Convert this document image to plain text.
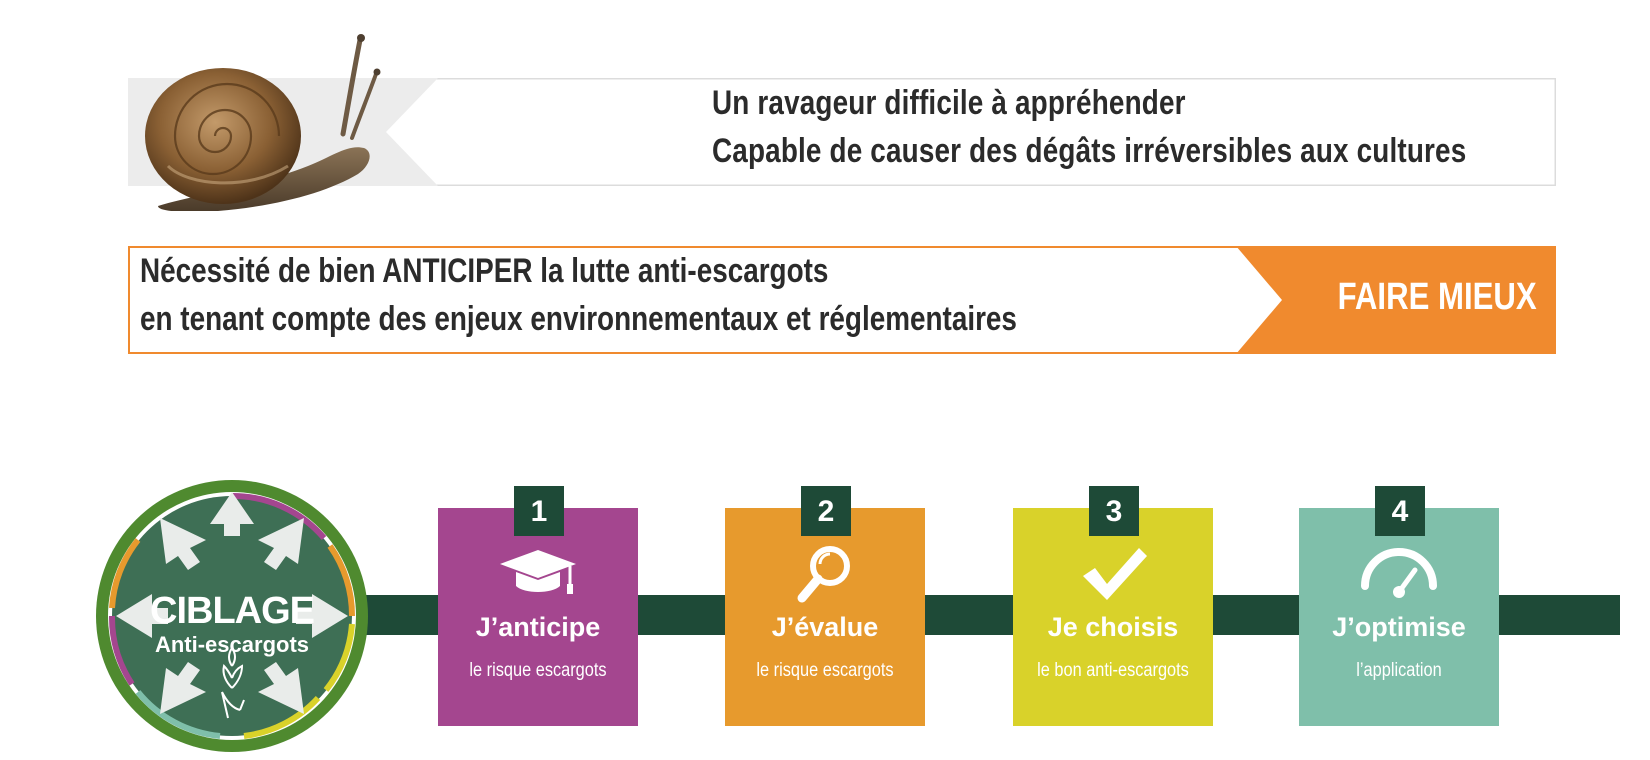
Un ravageur difficile à appréhender
Capable de causer des dégâts irréversibles aux cultures
Nécessité de bien ANTICIPER la lutte anti-escargots
en tenant compte des enjeux environnementaux et réglementaires
FAIRE MIEUX
CIBLAGE
Anti-escargots
1
J’anticipe
le risque escargots
2
J’évalue
le risque escargots
3
Je choisis
le bon anti-escargots
4
J’optimise
l’application
